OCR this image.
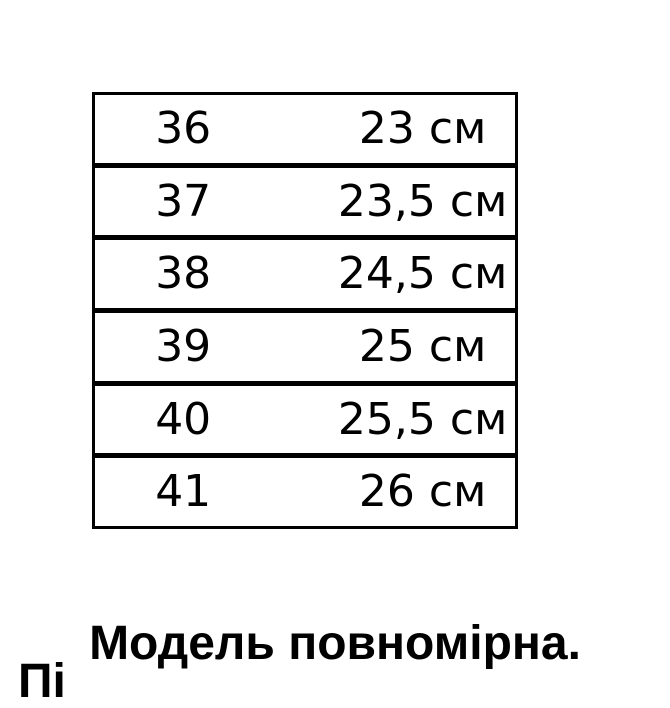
36	23 см
37	23,5 см
38	24,5 см
39	25 см
40	25,5 см
41	26 см
Модель повномірна.
Пі
